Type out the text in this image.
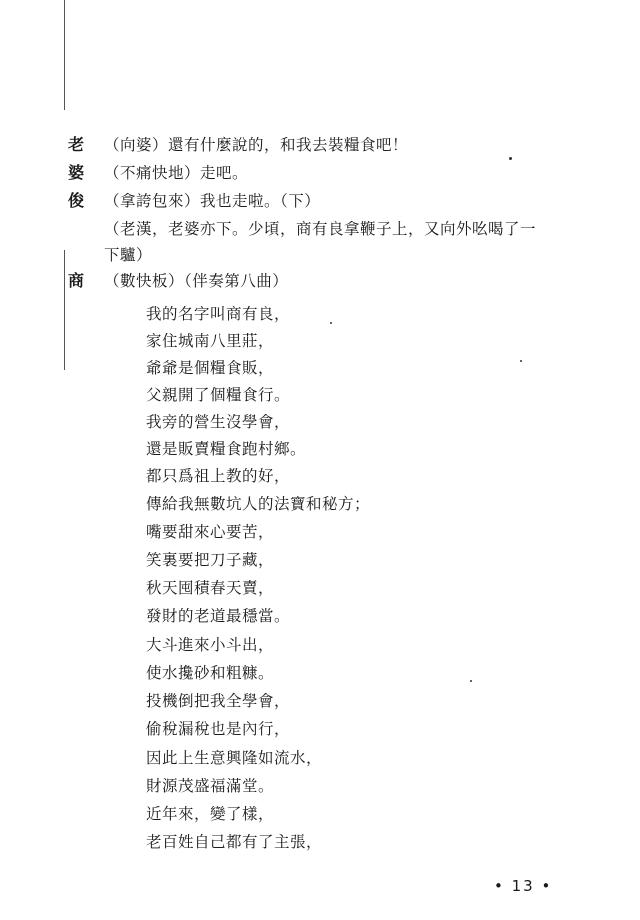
老
婆
俊
商
（向婆）還有什麼說的，和我去裝糧食吧！
（不痛快地）走吧。
（拿誇包來）我也走啦。（下）
（老漢，老婆亦下。少頃，商有良拿鞭子上，又向外吆喝了一
下驢）
（數快板）（伴奏第八曲）
我的名字叫商有良，
家住城南八里莊，
爺爺是個糧食販，
父親開了個糧食行。
我旁的營生沒學會，
還是販賣糧食跑村鄉。
都只爲祖上教的好，
傳給我無數坑人的法寶和秘方；
嘴要甜來心要苦，
笑裏要把刀子藏，
秋天囤積春天賣，
發財的老道最穩當。
大斗進來小斗出，
使水攙砂和粗糠。
投機倒把我全學會，
偷稅漏稅也是內行，
因此上生意興隆如流水，
財源茂盛福滿堂。
近年來，變了樣，
老百姓自己都有了主張，
• 13 •
